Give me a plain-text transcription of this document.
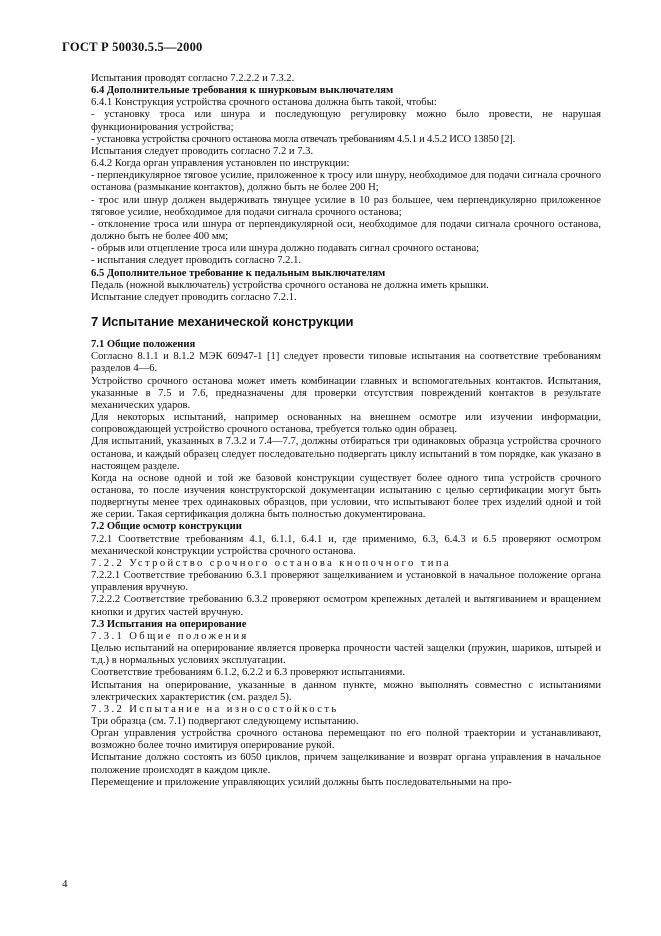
ГОСТ Р 50030.5.5—2000

Испытания проводят согласно 7.2.2.2 и 7.3.2.

6.4 Дополнительные требования к шнурковым выключателям

6.4.1 Конструкция устройства срочного останова должна быть такой, чтобы:

- установку троса или шнура и последующую регулировку можно было провести, не нарушая функционирования устройства;

- установка устройства срочного останова могла отвечать требованиям 4.5.1 и 4.5.2 ИСО 13850 [2].

Испытания следует проводить согласно 7.2 и 7.3.

6.4.2 Когда орган управления установлен по инструкции:

- перпендикулярное тяговое усилие, приложенное к тросу или шнуру, необходимое для подачи сигнала срочного останова (размыкание контактов), должно быть не более 200 Н;

- трос или шнур должен выдерживать тянущее усилие в 10 раз большее, чем перпендикулярно приложенное тяговое усилие, необходимое для подачи сигнала срочного останова;

- отклонение троса или шнура от перпендикулярной оси, необходимое для подачи сигнала срочного останова, должно быть не более 400 мм;

- обрыв или отцепление троса или шнура должно подавать сигнал срочного останова;

- испытания следует проводить согласно 7.2.1.

6.5 Дополнительное требование к педальным выключателям

Педаль (ножной выключатель) устройства срочного останова не должна иметь крышки.

Испытание следует проводить согласно 7.2.1.

7 Испытание механической конструкции

7.1 Общие положения

Согласно 8.1.1 и 8.1.2 МЭК 60947-1 [1] следует провести типовые испытания на соответствие требованиям разделов 4—6.

Устройство срочного останова может иметь комбинации главных и вспомогательных контактов. Испытания, указанные в 7.5 и 7.6, предназначены для проверки отсутствия повреждений контактов в результате механических ударов.

Для некоторых испытаний, например основанных на внешнем осмотре или изучении информации, сопровождающей устройство срочного останова, требуется только один образец.

Для испытаний, указанных в 7.3.2 и 7.4—7.7, должны отбираться три одинаковых образца устройства срочного останова, и каждый образец следует последовательно подвергать циклу испытаний в том порядке, как указано в настоящем разделе.

Когда на основе одной и той же базовой конструкции существует более одного типа устройств срочного останова, то после изучения конструкторской документации испытанию с целью сертификации могут быть подвергнуты менее трех одинаковых образцов, при условии, что испытывают более трех изделий одной и той же серии. Такая сертификация должна быть полностью документирована.

7.2 Общие осмотр конструкции

7.2.1 Соответствие требованиям 4.1, 6.1.1, 6.4.1 и, где применимо, 6.3, 6.4.3 и 6.5 проверяют осмотром механической конструкции устройства срочного останова.

7.2.2 Устройство срочного останова кнопочного типа

7.2.2.1 Соответствие требованию 6.3.1 проверяют защелкиванием и установкой в начальное положение органа управления вручную.

7.2.2.2 Соответствие требованию 6.3.2 проверяют осмотром крепежных деталей и вытягиванием и вращением кнопки и других частей вручную.

7.3 Испытания на оперирование

7.3.1 Общие положения

Целью испытаний на оперирование является проверка прочности частей защелки (пружин, шариков, штырей и т.д.) в нормальных условиях эксплуатации.

Соответствие требованиям 6.1.2, 6.2.2 и 6.3 проверяют испытаниями.

Испытания на оперирование, указанные в данном пункте, можно выполнять совместно с испытаниями электрических характеристик (см. раздел 5).

7.3.2 Испытание на износостойкость

Три образца (см. 7.1) подвергают следующему испытанию.

Орган управления устройства срочного останова перемещают по его полной траектории и устанавливают, возможно более точно имитируя оперирование рукой.

Испытание должно состоять из 6050 циклов, причем защелкивание и возврат органа управления в начальное положение происходят в каждом цикле.

Перемещение и приложение управляющих усилий должны быть последовательными на про-

4
